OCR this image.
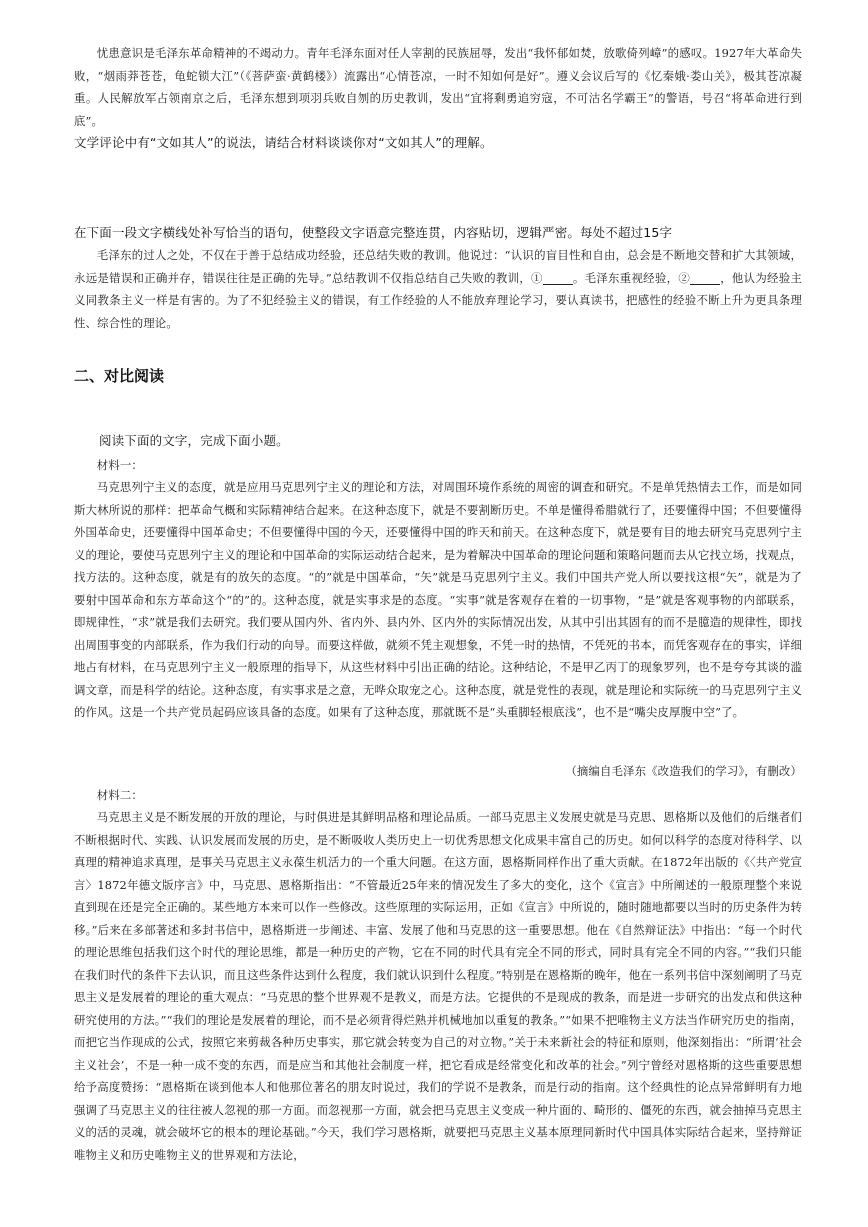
忧患意识是毛泽东革命精神的不竭动力。青年毛泽东面对任人宰割的民族屈辱，发出“我怀郁如焚，放歌倚列嶂”的感叹。1927年大革命失败，“烟雨莽苍苍，龟蛇锁大江”（《菩萨蛮·黄鹤楼》）流露出“心情苍凉，一时不知如何是好”。遵义会议后写的《忆秦娥·娄山关》，极其苍凉凝重。人民解放军占领南京之后，毛泽东想到项羽兵败自刎的历史教训，发出“宜将剩勇追穷寇，不可沽名学霸王”的警语，号召“将革命进行到底”。

文学评论中有“文如其人”的说法，请结合材料谈谈你对“文如其人”的理解。

在下面一段文字横线处补写恰当的语句，使整段文字语意完整连贯，内容贴切，逻辑严密。每处不超过15字

毛泽东的过人之处，不仅在于善于总结成功经验，还总结失败的教训。他说过：“认识的盲目性和自由，总会是不断地交替和扩大其领域，永远是错误和正确并存，错误往往是正确的先导。”总结教训不仅指总结自己失败的教训，①	。毛泽东重视经验，②	，他认为经验主义同教条主义一样是有害的。为了不犯经验主义的错误，有工作经验的人不能放弃理论学习，要认真读书，把感性的经验不断上升为更具条理性、综合性的理论。

二、对比阅读

阅读下面的文字，完成下面小题。

材料一：

马克思列宁主义的态度，就是应用马克思列宁主义的理论和方法，对周围环境作系统的周密的调查和研究。不是单凭热情去工作，而是如同斯大林所说的那样：把革命气概和实际精神结合起来。在这种态度下，就是不要割断历史。不单是懂得希腊就行了，还要懂得中国；不但要懂得外国革命史，还要懂得中国革命史；不但要懂得中国的今天，还要懂得中国的昨天和前天。在这种态度下，就是要有目的地去研究马克思列宁主义的理论，要使马克思列宁主义的理论和中国革命的实际运动结合起来，是为着解决中国革命的理论问题和策略问题而去从它找立场，找观点，找方法的。这种态度，就是有的放矢的态度。“的”就是中国革命，“矢”就是马克思列宁主义。我们中国共产党人所以要找这根“矢”，就是为了要射中国革命和东方革命这个“的”的。这种态度，就是实事求是的态度。“实事”就是客观存在着的一切事物，“是”就是客观事物的内部联系，即规律性，“求”就是我们去研究。我们要从国内外、省内外、县内外、区内外的实际情况出发，从其中引出其固有的而不是臆造的规律性，即找出周围事变的内部联系，作为我们行动的向导。而要这样做，就须不凭主观想象，不凭一时的热情，不凭死的书本，而凭客观存在的事实，详细地占有材料，在马克思列宁主义一般原理的指导下，从这些材料中引出正确的结论。这种结论，不是甲乙丙丁的现象罗列，也不是夸夸其谈的滥调文章，而是科学的结论。这种态度，有实事求是之意，无哗众取宠之心。这种态度，就是党性的表现，就是理论和实际统一的马克思列宁主义的作风。这是一个共产党员起码应该具备的态度。如果有了这种态度，那就既不是“头重脚轻根底浅”，也不是“嘴尖皮厚腹中空”了。

（摘编自毛泽东《改造我们的学习》，有删改）

材料二：

马克思主义是不断发展的开放的理论，与时俱进是其鲜明品格和理论品质。一部马克思主义发展史就是马克思、恩格斯以及他们的后继者们不断根据时代、实践、认识发展而发展的历史，是不断吸收人类历史上一切优秀思想文化成果丰富自己的历史。如何以科学的态度对待科学、以真理的精神追求真理，是事关马克思主义永葆生机活力的一个重大问题。在这方面，恩格斯同样作出了重大贡献。在1872年出版的《〈共产党宣言〉1872年德文版序言》中，马克思、恩格斯指出：“不管最近25年来的情况发生了多大的变化，这个《宣言》中所阐述的一般原理整个来说直到现在还是完全正确的。某些地方本来可以作一些修改。这些原理的实际运用，正如《宣言》中所说的，随时随地都要以当时的历史条件为转移。”后来在多部著述和多封书信中，恩格斯进一步阐述、丰富、发展了他和马克思的这一重要思想。他在《自然辩证法》中指出：“每一个时代的理论思维包括我们这个时代的理论思维，都是一种历史的产物，它在不同的时代具有完全不同的形式，同时具有完全不同的内容。”“我们只能在我们时代的条件下去认识，而且这些条件达到什么程度，我们就认识到什么程度。”特别是在恩格斯的晚年，他在一系列书信中深刻阐明了马克思主义是发展着的理论的重大观点：“马克思的整个世界观不是教义，而是方法。它提供的不是现成的教条，而是进一步研究的出发点和供这种研究使用的方法。”“我们的理论是发展着的理论，而不是必须背得烂熟并机械地加以重复的教条。”“如果不把唯物主义方法当作研究历史的指南，而把它当作现成的公式，按照它来剪裁各种历史事实，那它就会转变为自己的对立物。”关于未来新社会的特征和原则，他深刻指出：“所谓‘社会主义社会’，不是一种一成不变的东西，而是应当和其他社会制度一样，把它看成是经常变化和改革的社会。”列宁曾经对恩格斯的这些重要思想给予高度赞扬：“恩格斯在谈到他本人和他那位著名的朋友时说过，我们的学说不是教条，而是行动的指南。这个经典性的论点异常鲜明有力地强调了马克思主义的往往被人忽视的那一方面。而忽视那一方面，就会把马克思主义变成一种片面的、畸形的、僵死的东西，就会抽掉马克思主义的活的灵魂，就会破坏它的根本的理论基础。”今天，我们学习恩格斯，就要把马克思主义基本原理同新时代中国具体实际结合起来，坚持辩证唯物主义和历史唯物主义的世界观和方法论，
